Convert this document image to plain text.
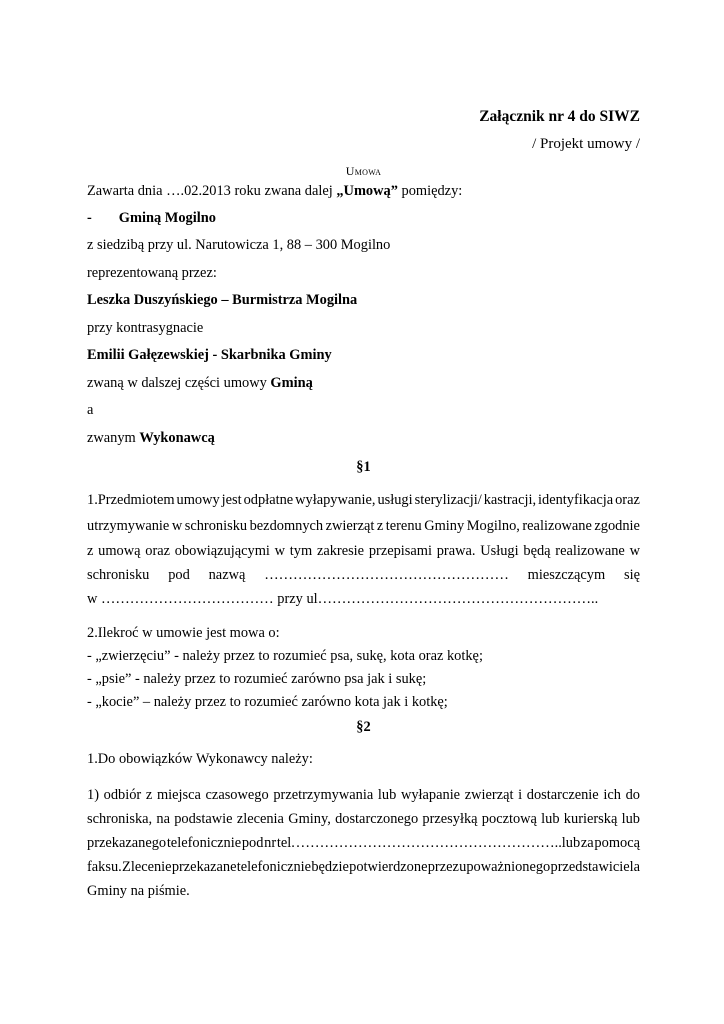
Załącznik nr 4 do SIWZ
/ Projekt umowy /
Umowa
Zawarta dnia ….02.2013 roku zwana dalej „Umową” pomiędzy:
- Gminą Mogilno
z siedzibą przy ul. Narutowicza 1, 88 – 300 Mogilno
reprezentowaną przez:
Leszka Duszyńskiego – Burmistrza Mogilna
przy kontrasygnacie
Emilii Gałęzewskiej - Skarbnika Gminy
zwaną w dalszej części umowy Gminą
a
zwanym Wykonawcą
§1
1.Przedmiotem umowy jest odpłatne wyłapywanie, usługi sterylizacji/ kastracji, identyfikacja oraz
utrzymywanie w schronisku bezdomnych zwierząt z terenu Gminy Mogilno, realizowane zgodnie
z umową oraz obowiązującymi w tym zakresie przepisami prawa. Usługi będą realizowane w
schronisku pod nazwą …………………………………………… mieszczącym się
w ……………………………… przy ul…………………………………………………..
2.Ilekroć w umowie jest mowa o:
- „zwierzęciu” - należy przez to rozumieć psa, sukę, kota oraz kotkę;
- „psie” - należy przez to rozumieć zarówno psa jak i sukę;
- „kocie” – należy przez to rozumieć zarówno kota jak i kotkę;
§2
1.Do obowiązków Wykonawcy należy:
1) odbiór z miejsca czasowego przetrzymywania lub wyłapanie zwierząt i dostarczenie ich do
schroniska, na podstawie zlecenia Gminy, dostarczonego przesyłką pocztową lub kurierską lub
przekazanego telefonicznie pod nr tel. ………………………………………………..lub za pomocą
faksu. Zlecenie przekazane telefonicznie będzie potwierdzone przez upoważnionego przedstawiciela
Gminy na piśmie.
